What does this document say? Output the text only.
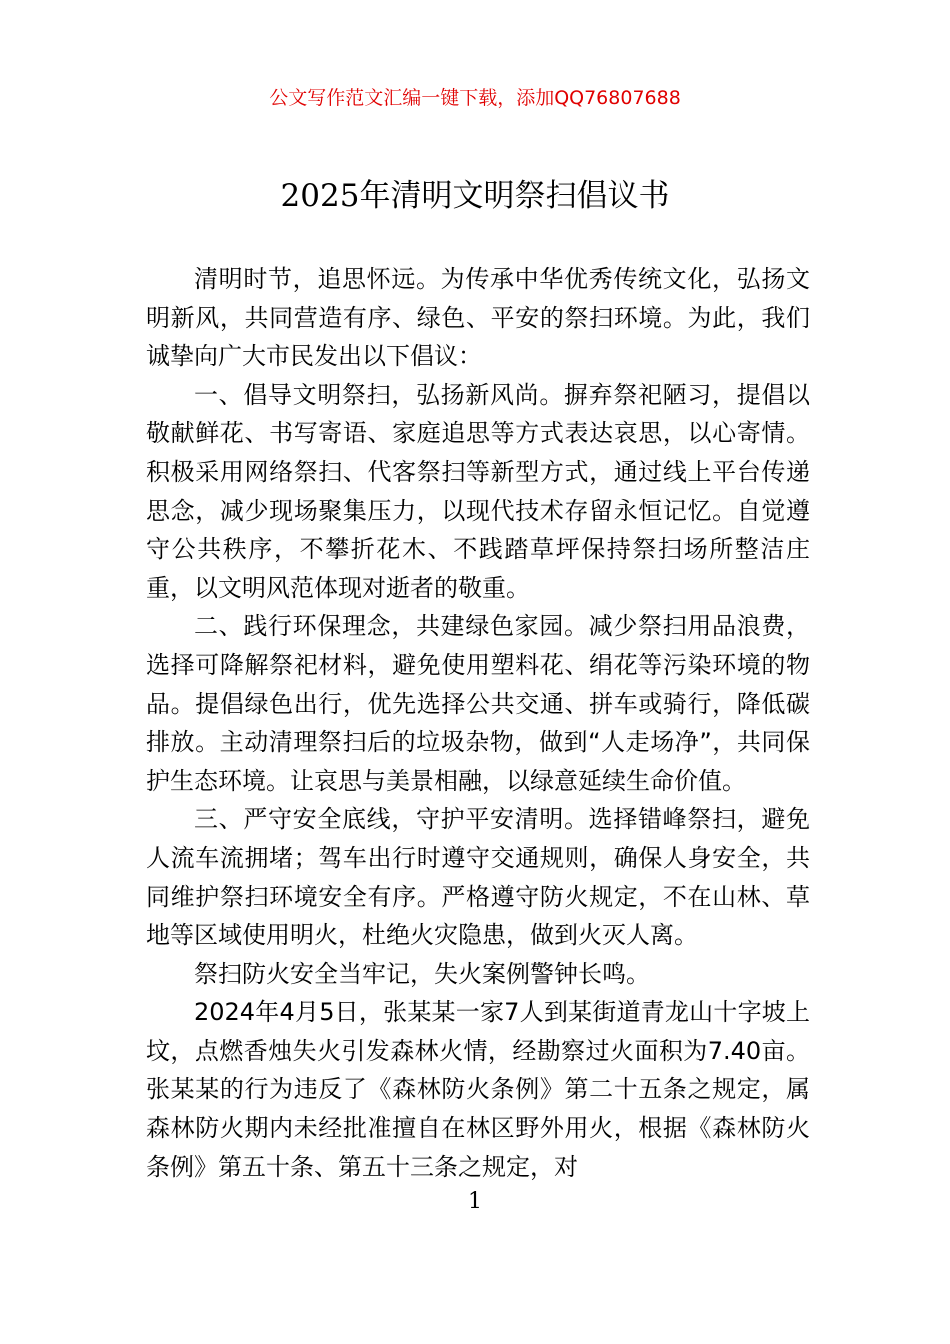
公文写作范文汇编一键下载，添加QQ76807688
2025年清明文明祭扫倡议书

清明时节，追思怀远。为传承中华优秀传统文化，弘扬文明新风，共同营造有序、绿色、平安的祭扫环境。为此，我们诚挚向广大市民发出以下倡议：

一、倡导文明祭扫，弘扬新风尚。摒弃祭祀陋习，提倡以敬献鲜花、书写寄语、家庭追思等方式表达哀思，以心寄情。积极采用网络祭扫、代客祭扫等新型方式，通过线上平台传递思念，减少现场聚集压力，以现代技术存留永恒记忆。自觉遵守公共秩序，不攀折花木、不践踏草坪保持祭扫场所整洁庄重，以文明风范体现对逝者的敬重。

二、践行环保理念，共建绿色家园。减少祭扫用品浪费，选择可降解祭祀材料，避免使用塑料花、绢花等污染环境的物品。提倡绿色出行，优先选择公共交通、拼车或骑行，降低碳排放。主动清理祭扫后的垃圾杂物，做到“人走场净”，共同保护生态环境。让哀思与美景相融，以绿意延续生命价值。

三、严守安全底线，守护平安清明。选择错峰祭扫，避免人流车流拥堵；驾车出行时遵守交通规则，确保人身安全，共同维护祭扫环境安全有序。严格遵守防火规定，不在山林、草地等区域使用明火，杜绝火灾隐患，做到火灭人离。

祭扫防火安全当牢记，失火案例警钟长鸣。

2024年4月5日，张某某一家7人到某街道青龙山十字坡上坟，点燃香烛失火引发森林火情，经勘察过火面积为7.40亩。张某某的行为违反了《森林防火条例》第二十五条之规定，属森林防火期内未经批准擅自在林区野外用火，根据《森林防火条例》第五十条、第五十三条之规定，对

1
